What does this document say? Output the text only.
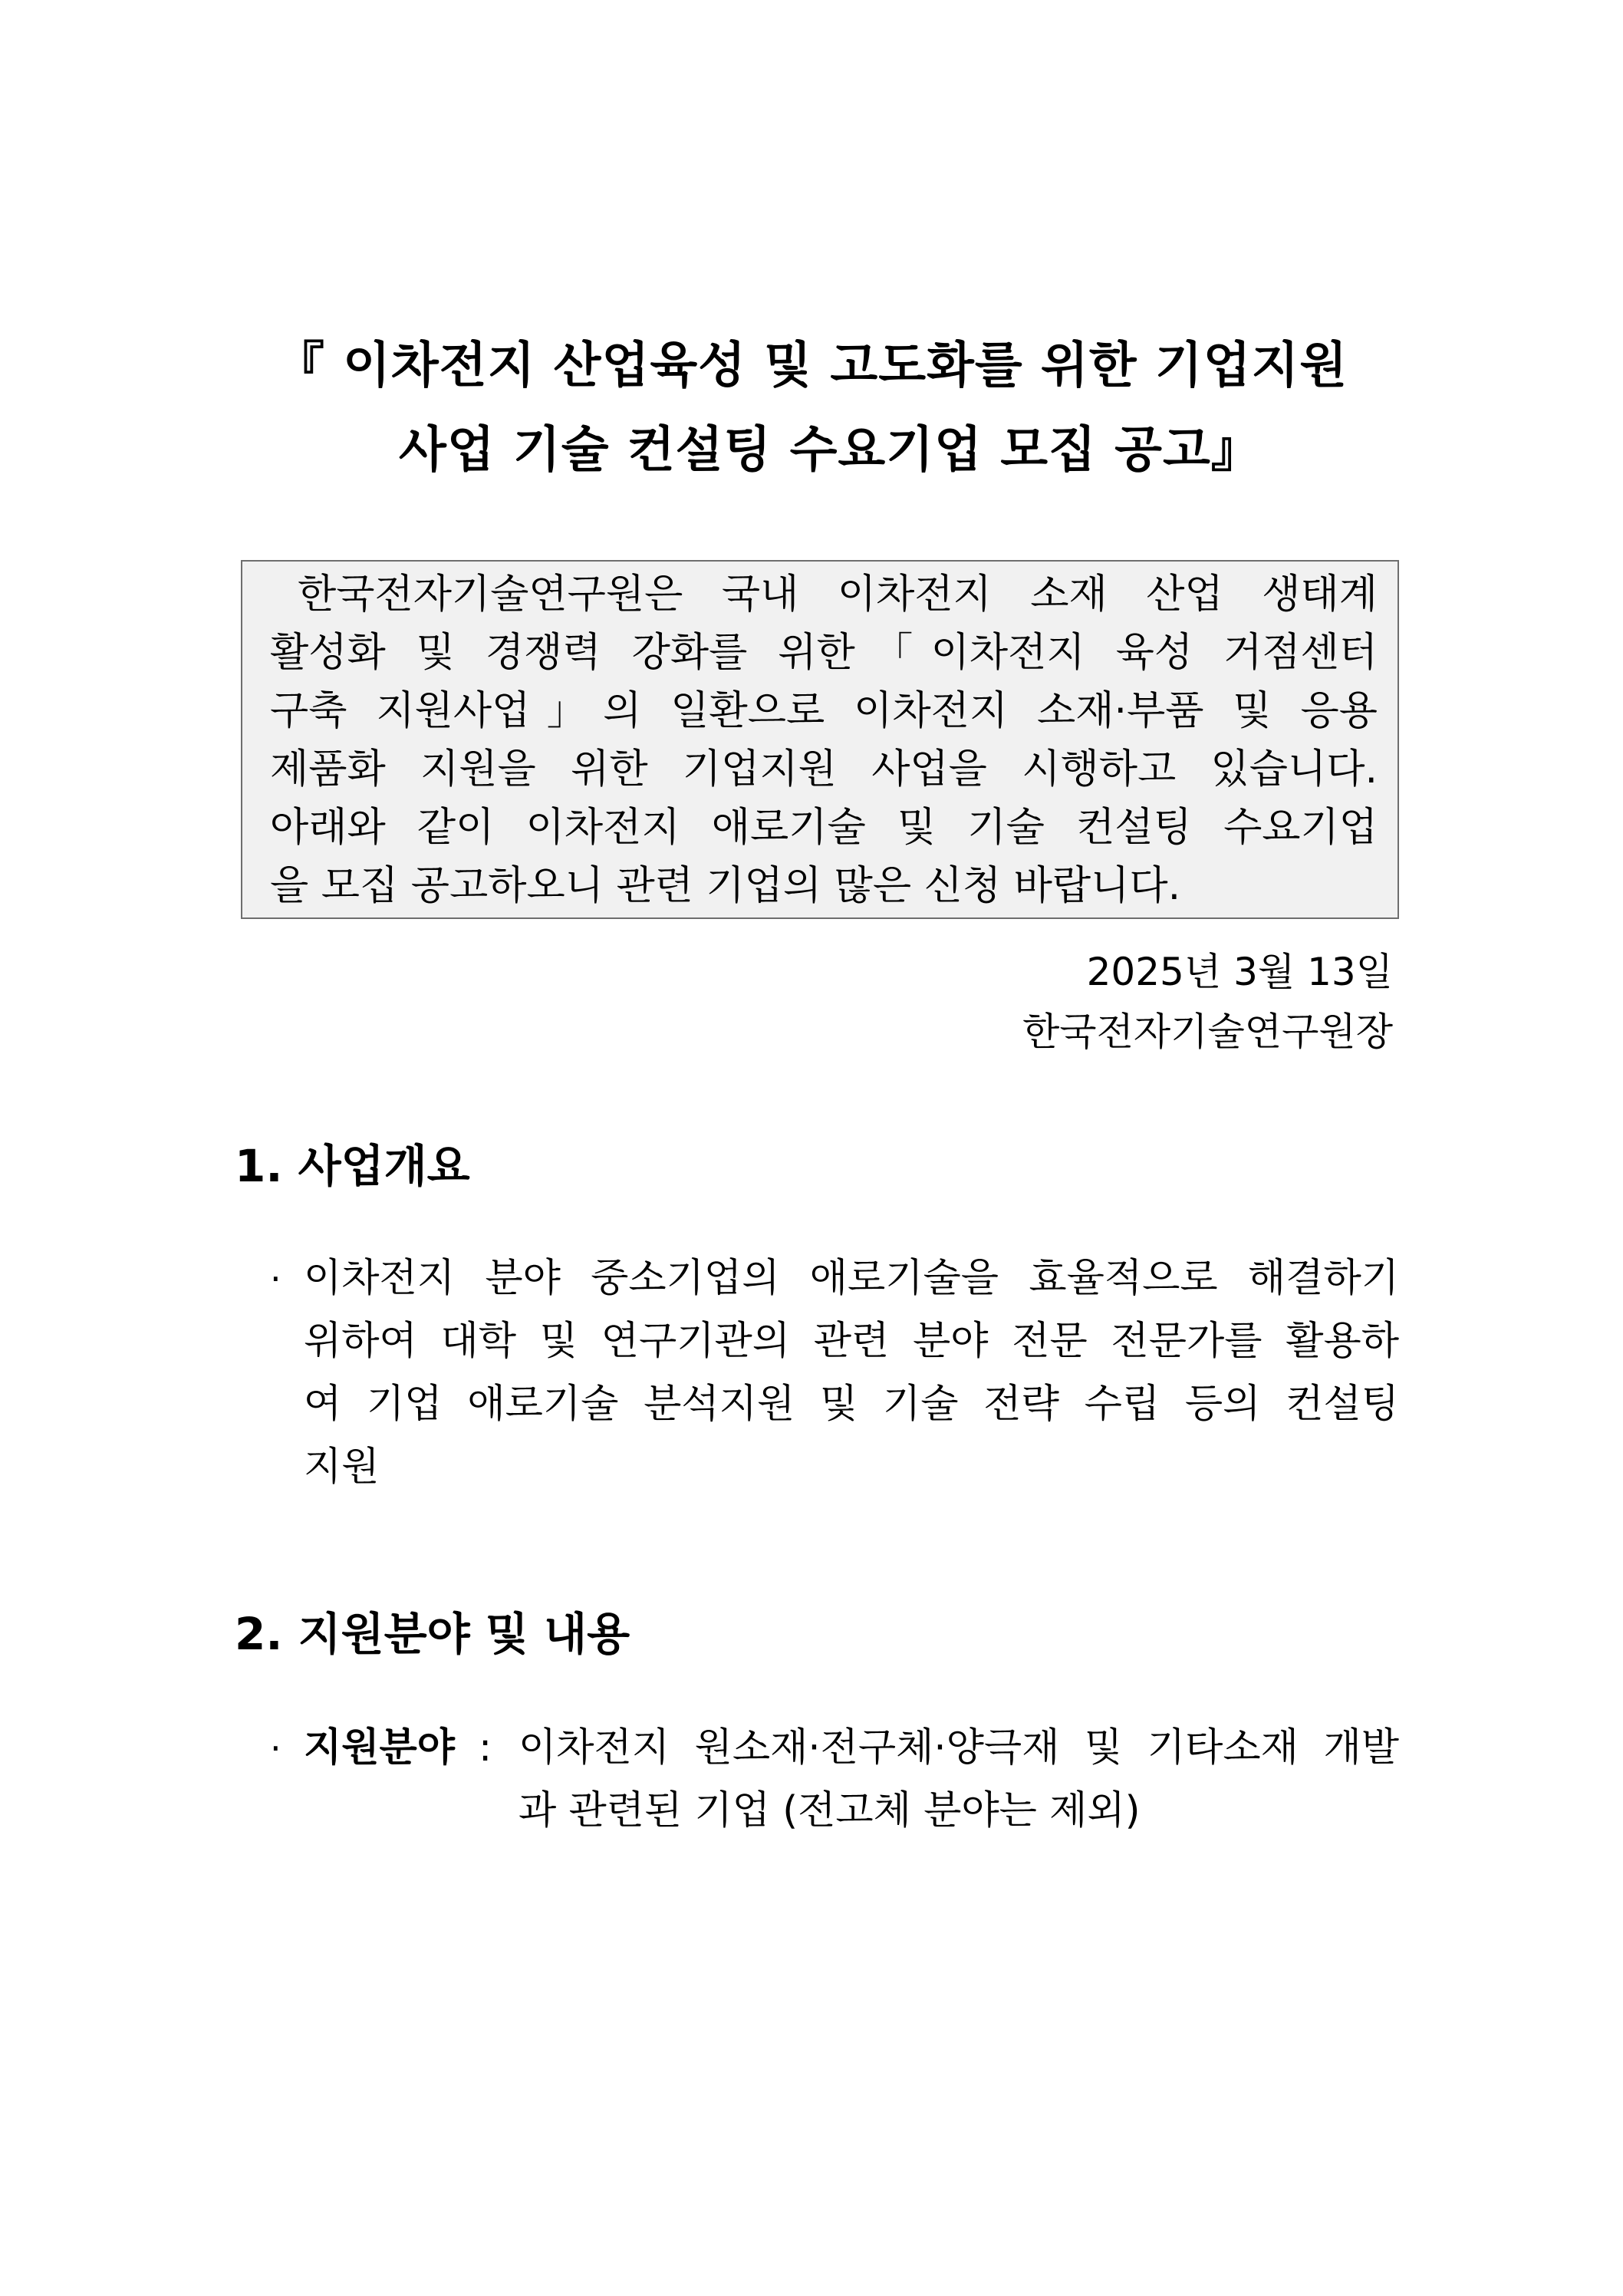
『 이차전지 산업육성 및 고도화를 위한 기업지원
사업 기술 컨설팅 수요기업 모집 공고』
한국전자기술연구원은 국내 이차전지 소재 산업 생태계
활성화 및 경쟁력 강화를 위한「이차전지 육성 거점센터
구축 지원사업」의 일환으로 이차전지 소재·부품 및 응용
제품화 지원을 위한 기업지원 사업을 시행하고 있습니다.
아래와 같이 이차전지 애로기술 및 기술 컨설팅 수요기업
을 모집 공고하오니 관련 기업의 많은 신청 바랍니다.
2025년 3월 13일
한국전자기술연구원장
1. 사업개요
· 이차전지 분야 중소기업의 애로기술을 효율적으로 해결하기
위하여 대학 및 연구기관의 관련 분야 전문 전문가를 활용하
여 기업 애로기술 분석지원 및 기술 전략 수립 등의 컨설팅
지원
2. 지원분야 및 내용
· 지원분야 : 이차전지 원소재·전구체·양극재 및 기타소재 개발
과 관련된 기업 (전고체 분야는 제외)
